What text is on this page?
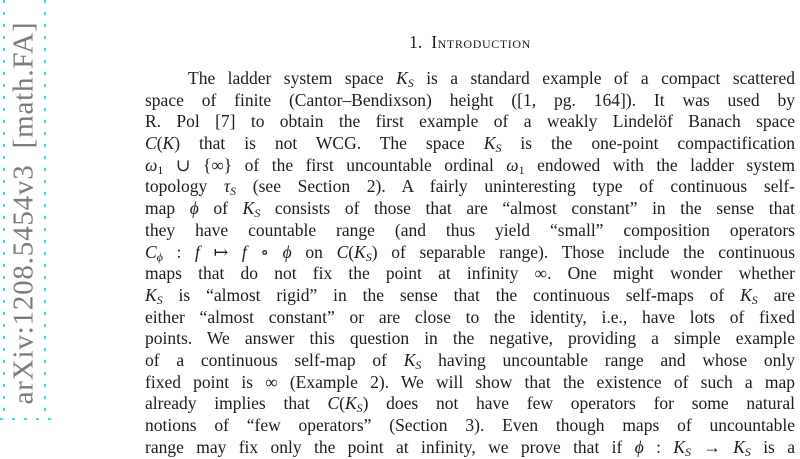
arXiv:1208.5454v3  [math.FA]	1. Introduction
The ladder system space $K_S$ is a standard example of a compact scattered
space of finite (Cantor–Bendixson) height ([1, pg. 164]). It was used by
R. Pol [7] to obtain the first example of a weakly Lindelöf Banach space
C(K) that is not WCG. The space $K_S$ is the one-point compactification
$\omega_1$ ∪ {∞} of the first uncountable ordinal $\omega_1$ endowed with the ladder system
topology $\tau_S$ (see Section 2). A fairly uninteresting type of continuous self-
map ϕ of $K_S$ consists of those that are “almost constant” in the sense that
they have countable range (and thus yield “small” composition operators
$C_\phi$ : f ↦ f ∘ ϕ on $C(K_S)$ of separable range). Those include the continuous
maps that do not fix the point at infinity ∞. One might wonder whether
$K_S$ is “almost rigid” in the sense that the continuous self-maps of $K_S$ are
either “almost constant” or are close to the identity, i.e., have lots of fixed
points. We answer this question in the negative, providing a simple example
of a continuous self-map of $K_S$ having uncountable range and whose only
fixed point is ∞ (Example 2). We will show that the existence of such a map
already implies that $C(K_S)$ does not have few operators for some natural
notions of “few operators” (Section 3). Even though maps of uncountable
range may fix only the point at infinity, we prove that if ϕ : $K_S \to K_S$ is a
